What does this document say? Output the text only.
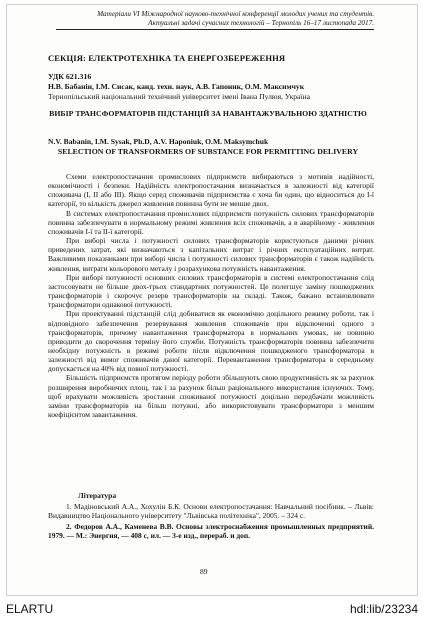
Матеріали VI Міжнародної науково-технічної конференції молодих учених та студентів.

Актуальні задачі сучасних технологій – Тернопіль 16–17 листопада 2017.
СЕКЦІЯ: ЕЛЕКТРОТЕХНІКА ТА ЕНЕРГОЗБЕРЕЖЕННЯ
УДК 621.316
Н.В. Бабанін, І.М. Сисак, канд. техн. наук, А.В. Гапоник, О.М. Максимчук
Тернопільський національний технічний університет імені Івана Пулюя, Україна
ВИБІР ТРАНСФОРМАТОРІВ ПІДСТАНЦІЙ ЗА НАВАНТАЖУВАЛЬНОЮ ЗДАТНІСТЮ
N.V. Babanin, I.M. Sysak, Ph.D, A.V. Haponiuk, O.M. Maksymchuk
SELECTION OF TRANSFORMERS OF SUBSTANCE FOR PERMITTING DELIVERY

Схеми електропостачання промислових підприємств вибираються з мотивів надійності, економічності і безпеки. Надійність електропостачання визначається в залежності від категорії споживача (I, II або III). Якщо серед споживачів підприємства є хоча би один, що відноситься до I-ї категорії, то кількість джерел живлення повинна бути не менше двох.

В системах електропостачання промислових підприємств потужність силових трансформаторів повинна забезпечувати в нормальному режимі живлення всіх споживачів, а в аварійному - живлення споживачів I-ї та II-ї категорії.

При виборі числа і потужності силових трансформаторів користуються даними річних приведених затрат, які визначаються з капітальних витрат і річних експлуатаційних витрат. Важливими показниками при виборі числа і потужності силових трансформаторів є також надійність живлення, витрати кольорового металу і розрахункова потужність навантаження.

При виборі потужності основних силових трансформаторів в системі електропостачання слід застосовувати не більше двох-трьох стандартних потужностей. Це полегшує заміну пошкоджених трансформаторів і скорочує резерв трансформаторів на складі. Також, бажано встановлювати трансформатори однакової потужності.

При проектуванні підстанцій слід добиватися як економічно доцільного режиму роботи, так і відповідного забезпечення резервування живлення споживачів при відключенні одного з трансформаторів, причому навантаження трансформатора в нормальних умовах, не повинно приводити до скорочення терміну його служби. Потужність трансформаторів повинна забезпечити необхідну потужність в режимі роботи після відключення пошкодженого трансформатора в залежності від вимог споживачів даної категорії. Перевантаження трансформатора в середньому допускається на 40% від повної потужності.

Більшість підприємств протягом періоду роботи збільшують свою продуктивність як за рахунок розширення виробничих площ, так і за рахунок більш раціонального використання існуючих. Тому, щоб врахувати можливість зростання споживаної потужності доцільно передбачати можливість заміни трансформаторів на більш потужні, або використовувати трансформатори з меншим коефіцієнтом завантаження.

Література

1. Мадіновський А.А., Хохулін Б.К. Основи електропостачання: Навчальний посібник. – Львів: Видавництво Національного університету "Львівська політехніка", 2005. – 324 с.

2. Федоров А.А., Каменева В.В. Основы электроснабжения промышленных предприятий. 1979. — М.: Энергия, — 408 с, ил. — 3-е изд., перераб. и доп.

89
ELARTU	hdl:lib/23234
